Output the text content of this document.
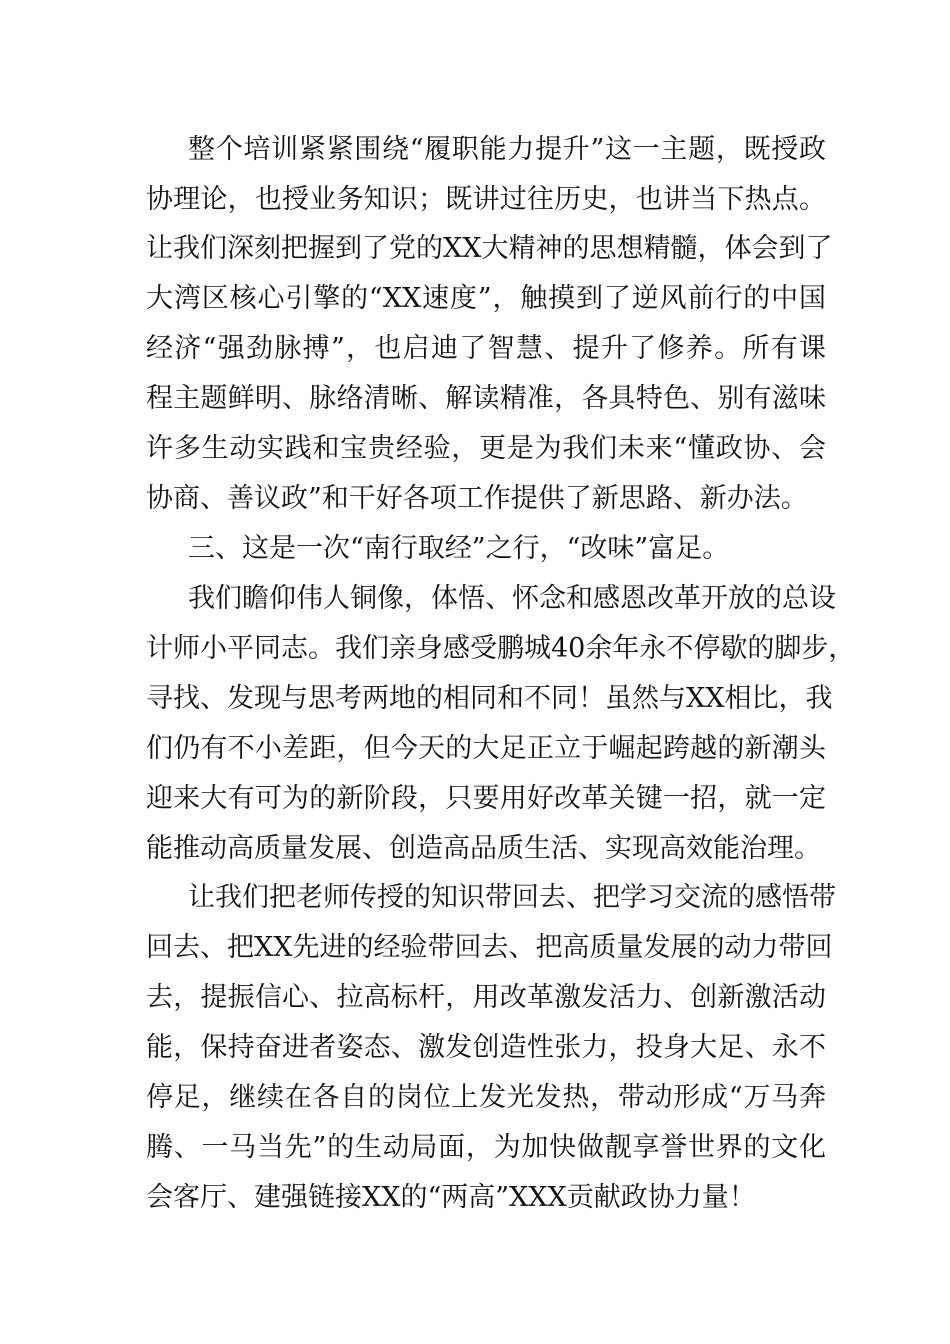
整个培训紧紧围绕“履职能力提升”这一主题，既授政
协理论，也授业务知识；既讲过往历史，也讲当下热点。
让我们深刻把握到了党的XX大精神的思想精髓，体会到了
大湾区核心引擎的“XX速度”，触摸到了逆风前行的中国
经济“强劲脉搏”，也启迪了智慧、提升了修养。所有课
程主题鲜明、脉络清晰、解读精准，各具特色、别有滋味
许多生动实践和宝贵经验，更是为我们未来“懂政协、会
协商、善议政”和干好各项工作提供了新思路、新办法。
三、这是一次“南行取经”之行，“改味”富足。
我们瞻仰伟人铜像，体悟、怀念和感恩改革开放的总设
计师小平同志。我们亲身感受鹏城40余年永不停歇的脚步，
寻找、发现与思考两地的相同和不同！虽然与XX相比，我
们仍有不小差距，但今天的大足正立于崛起跨越的新潮头
迎来大有可为的新阶段，只要用好改革关键一招，就一定
能推动高质量发展、创造高品质生活、实现高效能治理。
让我们把老师传授的知识带回去、把学习交流的感悟带
回去、把XX先进的经验带回去、把高质量发展的动力带回
去，提振信心、拉高标杆，用改革激发活力、创新激活动
能，保持奋进者姿态、激发创造性张力，投身大足、永不
停足，继续在各自的岗位上发光发热，带动形成“万马奔
腾、一马当先”的生动局面，为加快做靓享誉世界的文化
会客厅、建强链接XX的“两高”XXX贡献政协力量！
